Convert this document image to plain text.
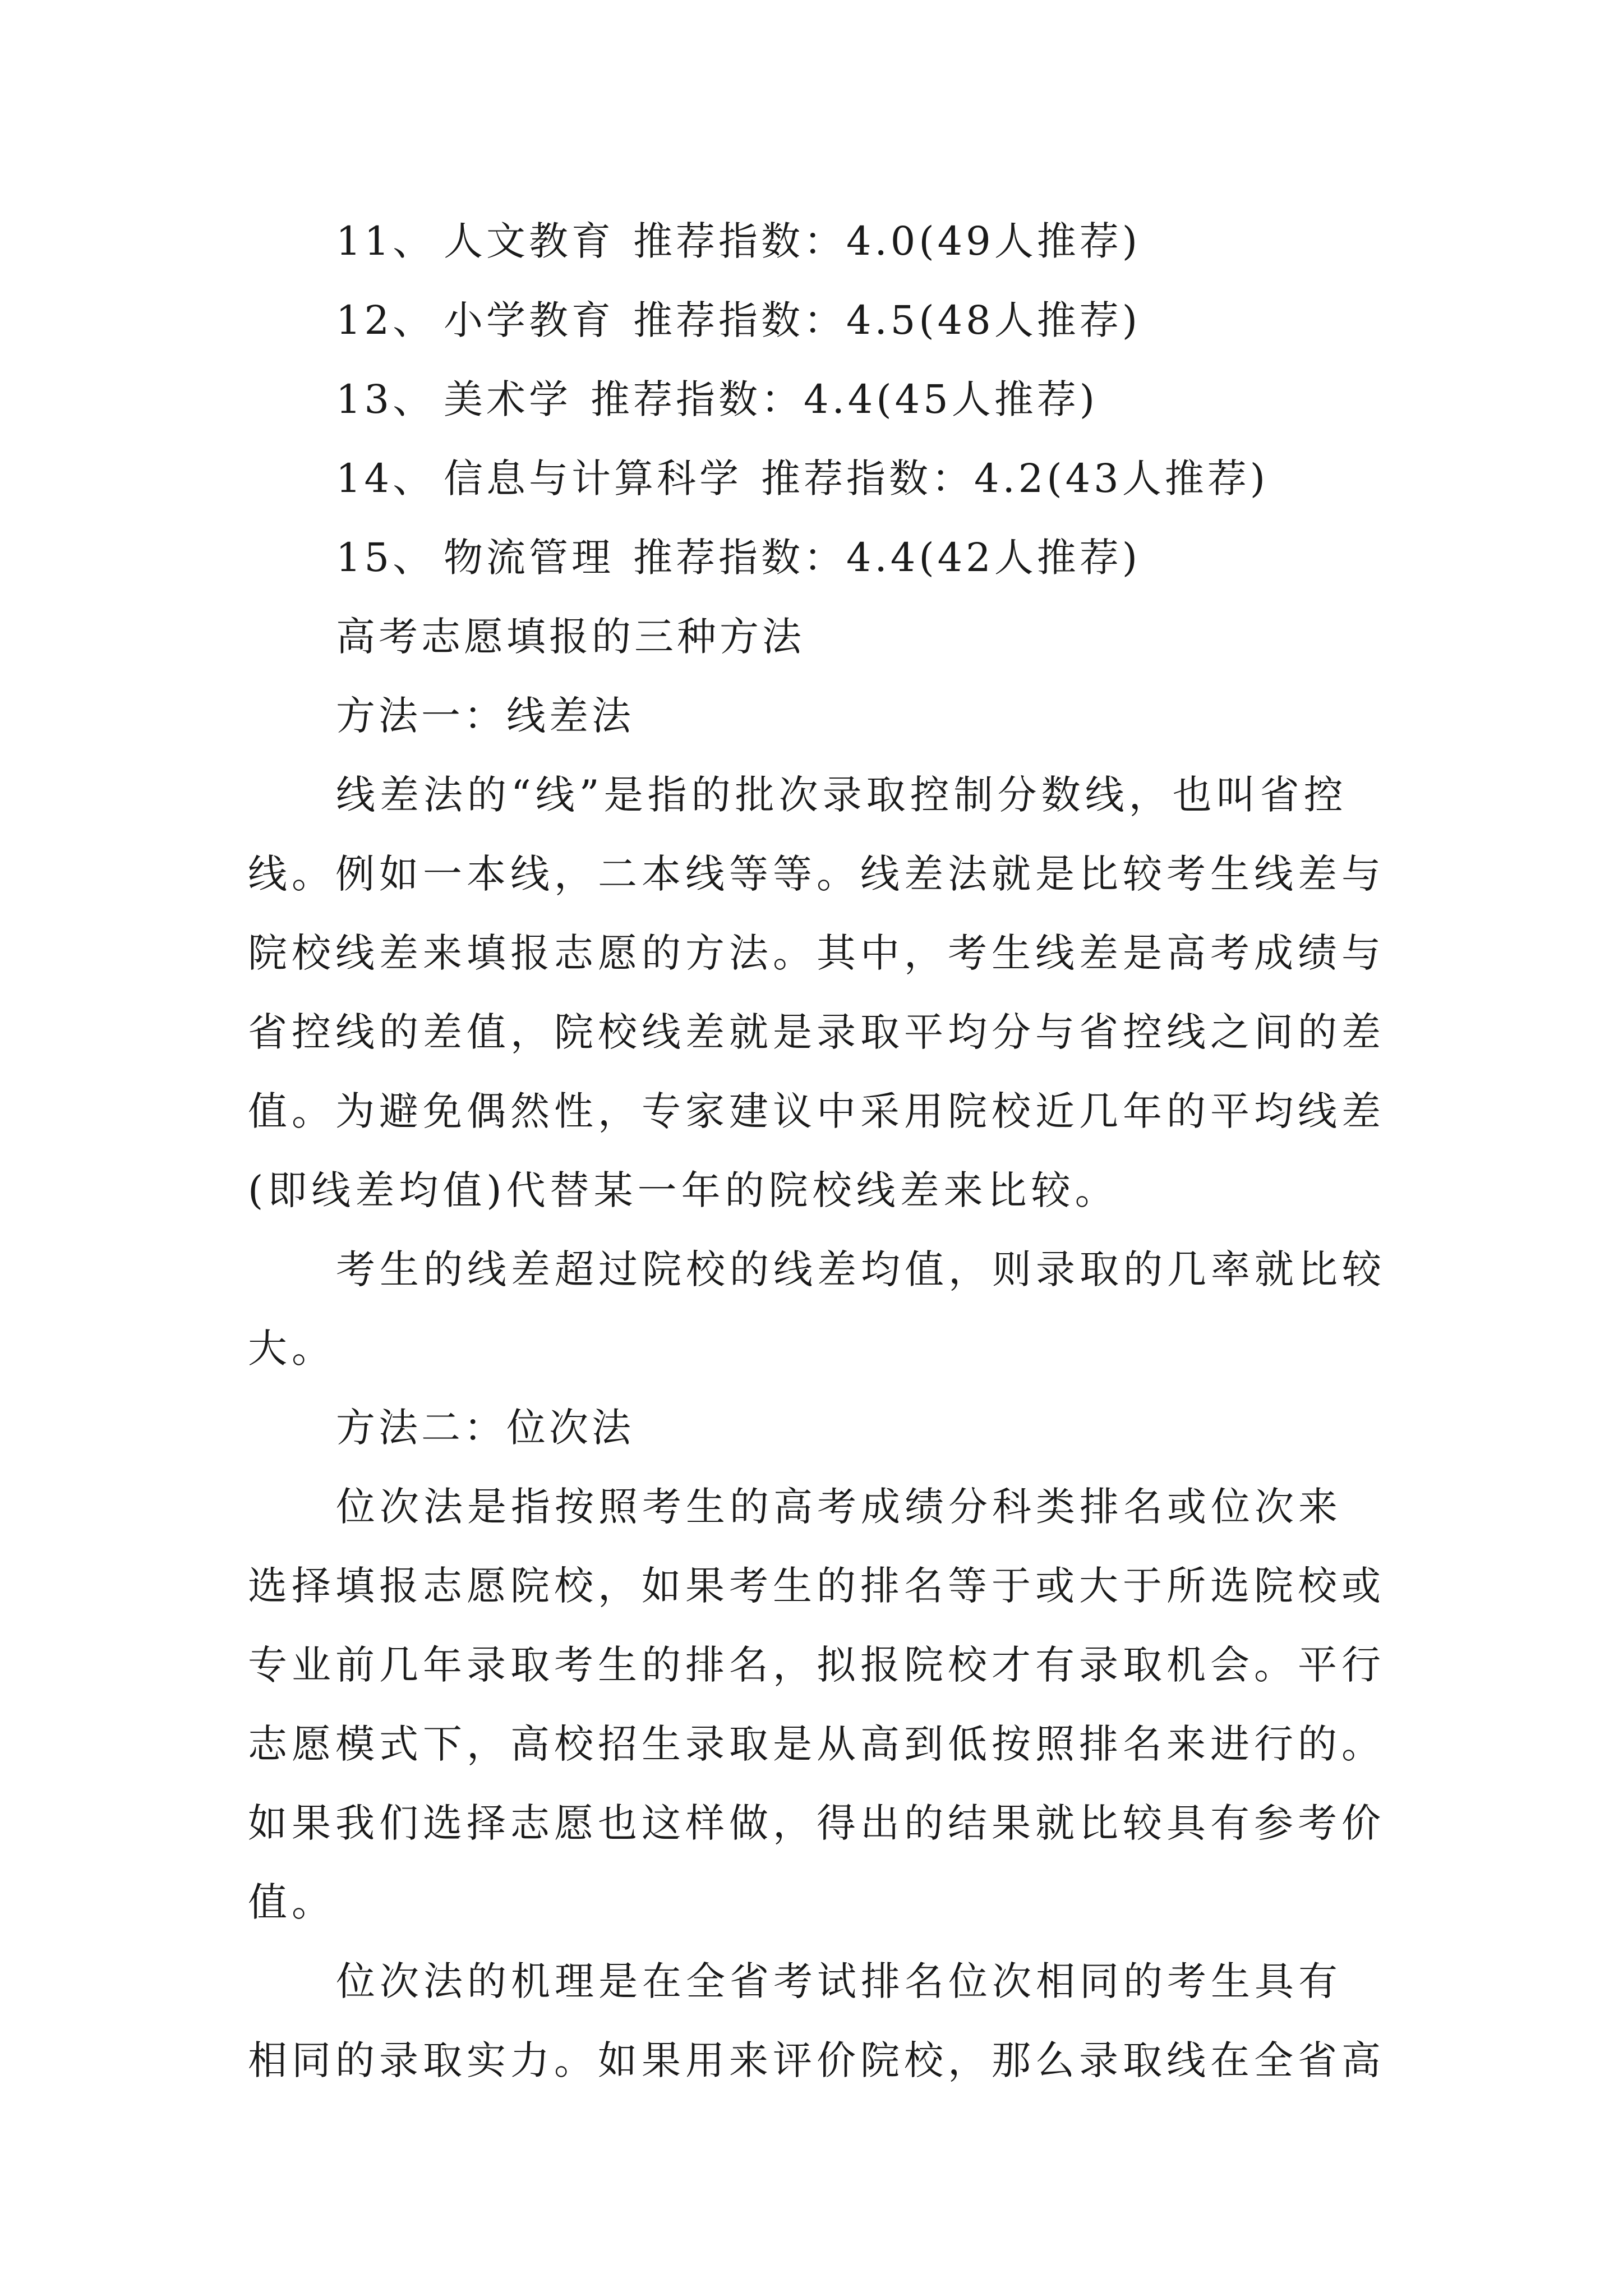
11、 人文教育 推荐指数：4.0(49人推荐)
12、 小学教育 推荐指数：4.5(48人推荐)
13、 美术学 推荐指数：4.4(45人推荐)
14、 信息与计算科学 推荐指数：4.2(43人推荐)
15、 物流管理 推荐指数：4.4(42人推荐)
高考志愿填报的三种方法
方法一：线差法
线差法的“线”是指的批次录取控制分数线，也叫省控
线。例如一本线，二本线等等。线差法就是比较考生线差与
院校线差来填报志愿的方法。其中，考生线差是高考成绩与
省控线的差值，院校线差就是录取平均分与省控线之间的差
值。为避免偶然性，专家建议中采用院校近几年的平均线差
(即线差均值)代替某一年的院校线差来比较。
考生的线差超过院校的线差均值，则录取的几率就比较
大。
方法二：位次法
位次法是指按照考生的高考成绩分科类排名或位次来
选择填报志愿院校，如果考生的排名等于或大于所选院校或
专业前几年录取考生的排名，拟报院校才有录取机会。平行
志愿模式下，高校招生录取是从高到低按照排名来进行的。
如果我们选择志愿也这样做，得出的结果就比较具有参考价
值。
位次法的机理是在全省考试排名位次相同的考生具有
相同的录取实力。如果用来评价院校，那么录取线在全省高
